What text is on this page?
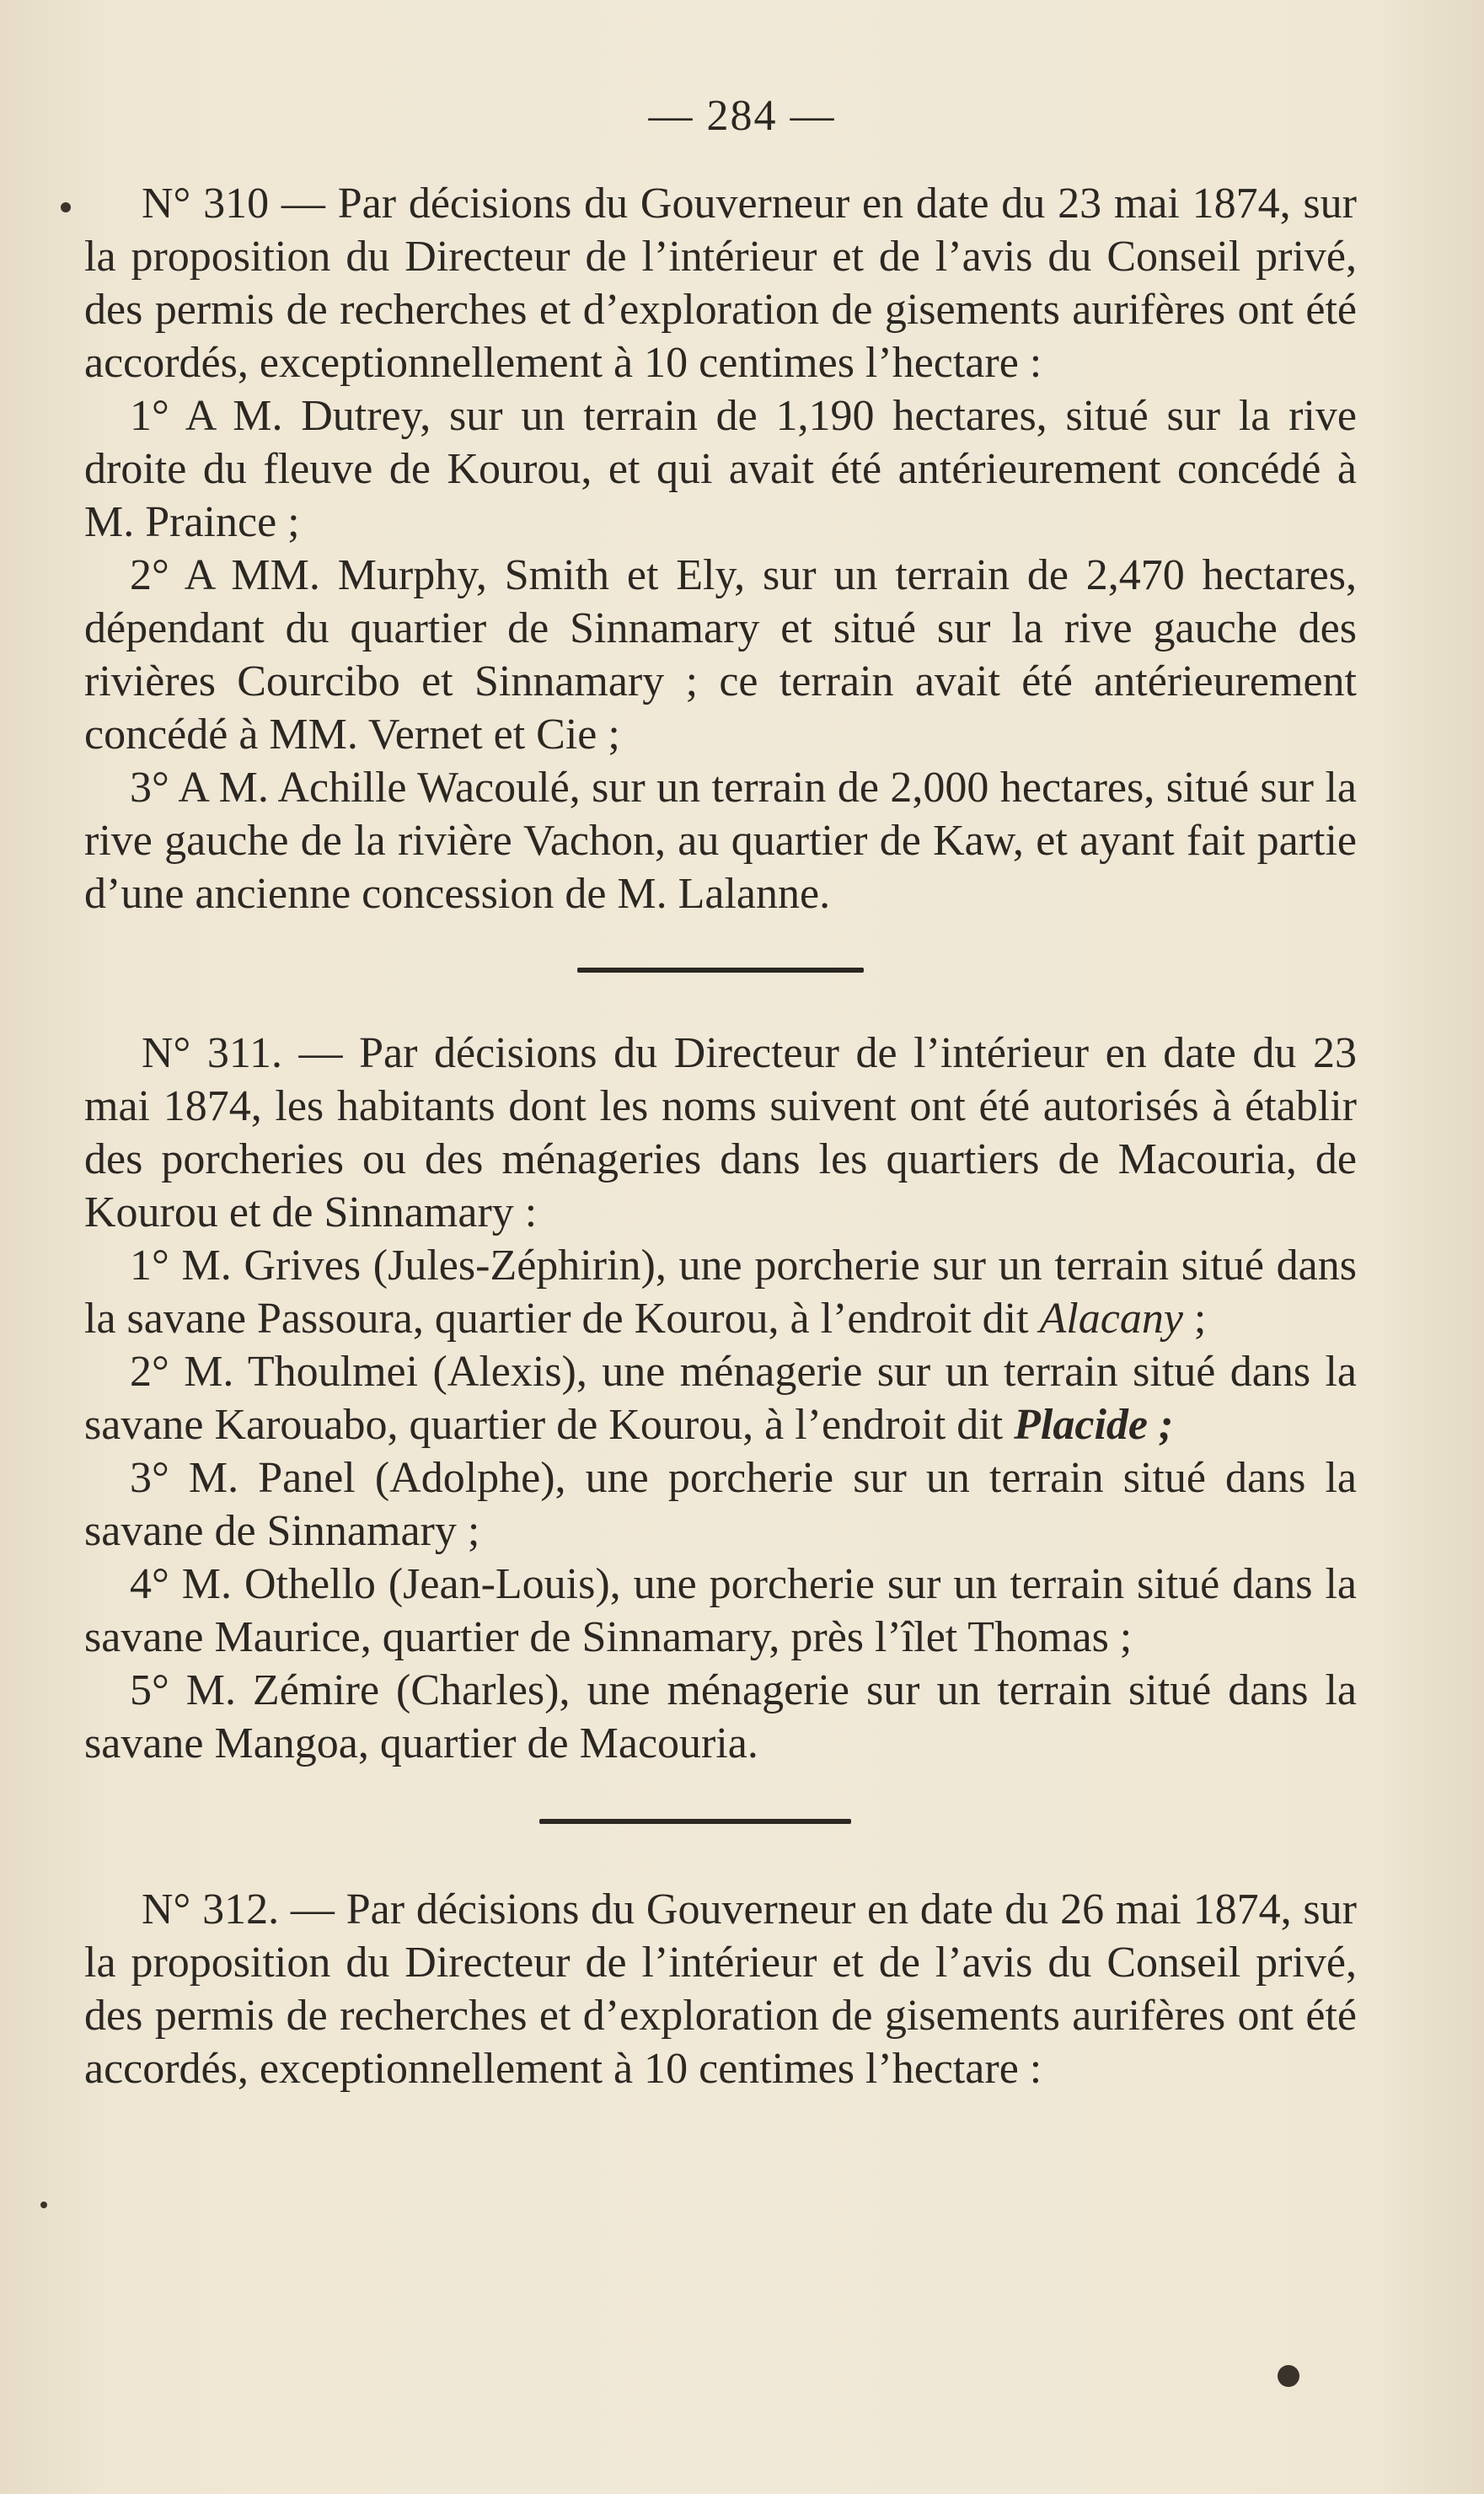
— 284 —

N° 310 — Par décisions du Gouverneur en date du 23 mai 1874, sur la proposition du Directeur de l’intérieur et de l’avis du Conseil privé, des permis de recherches et d’exploration de gisements aurifères ont été accordés, exceptionnellement à 10 centimes l’hectare :

1° A M. Dutrey, sur un terrain de 1,190 hectares, situé sur la rive droite du fleuve de Kourou, et qui avait été antérieurement concédé à M. Praince ;

2° A MM. Murphy, Smith et Ely, sur un terrain de 2,470 hectares, dépendant du quartier de Sinnamary et situé sur la rive gauche des rivières Courcibo et Sinnamary ; ce terrain avait été antérieurement concédé à MM. Vernet et Cie ;

3° A M. Achille Wacoulé, sur un terrain de 2,000 hectares, situé sur la rive gauche de la rivière Vachon, au quartier de Kaw, et ayant fait partie d’une ancienne concession de M. Lalanne.

N° 311. — Par décisions du Directeur de l’intérieur en date du 23 mai 1874, les habitants dont les noms suivent ont été autorisés à établir des porcheries ou des ménageries dans les quartiers de Macouria, de Kourou et de Sinnamary :

1° M. Grives (Jules-Zéphirin), une porcherie sur un terrain situé dans la savane Passoura, quartier de Kourou, à l’endroit dit Alacany ;

2° M. Thoulmei (Alexis), une ménagerie sur un terrain situé dans la savane Karouabo, quartier de Kourou, à l’endroit dit Placide ;

3° M. Panel (Adolphe), une porcherie sur un terrain situé dans la savane de Sinnamary ;

4° M. Othello (Jean-Louis), une porcherie sur un terrain situé dans la savane Maurice, quartier de Sinnamary, près l’îlet Thomas ;

5° M. Zémire (Charles), une ménagerie sur un terrain situé dans la savane Mangoa, quartier de Macouria.

N° 312. — Par décisions du Gouverneur en date du 26 mai 1874, sur la proposition du Directeur de l’intérieur et de l’avis du Conseil privé, des permis de recherches et d’exploration de gisements aurifères ont été accordés, exceptionnellement à 10 centimes l’hectare :
